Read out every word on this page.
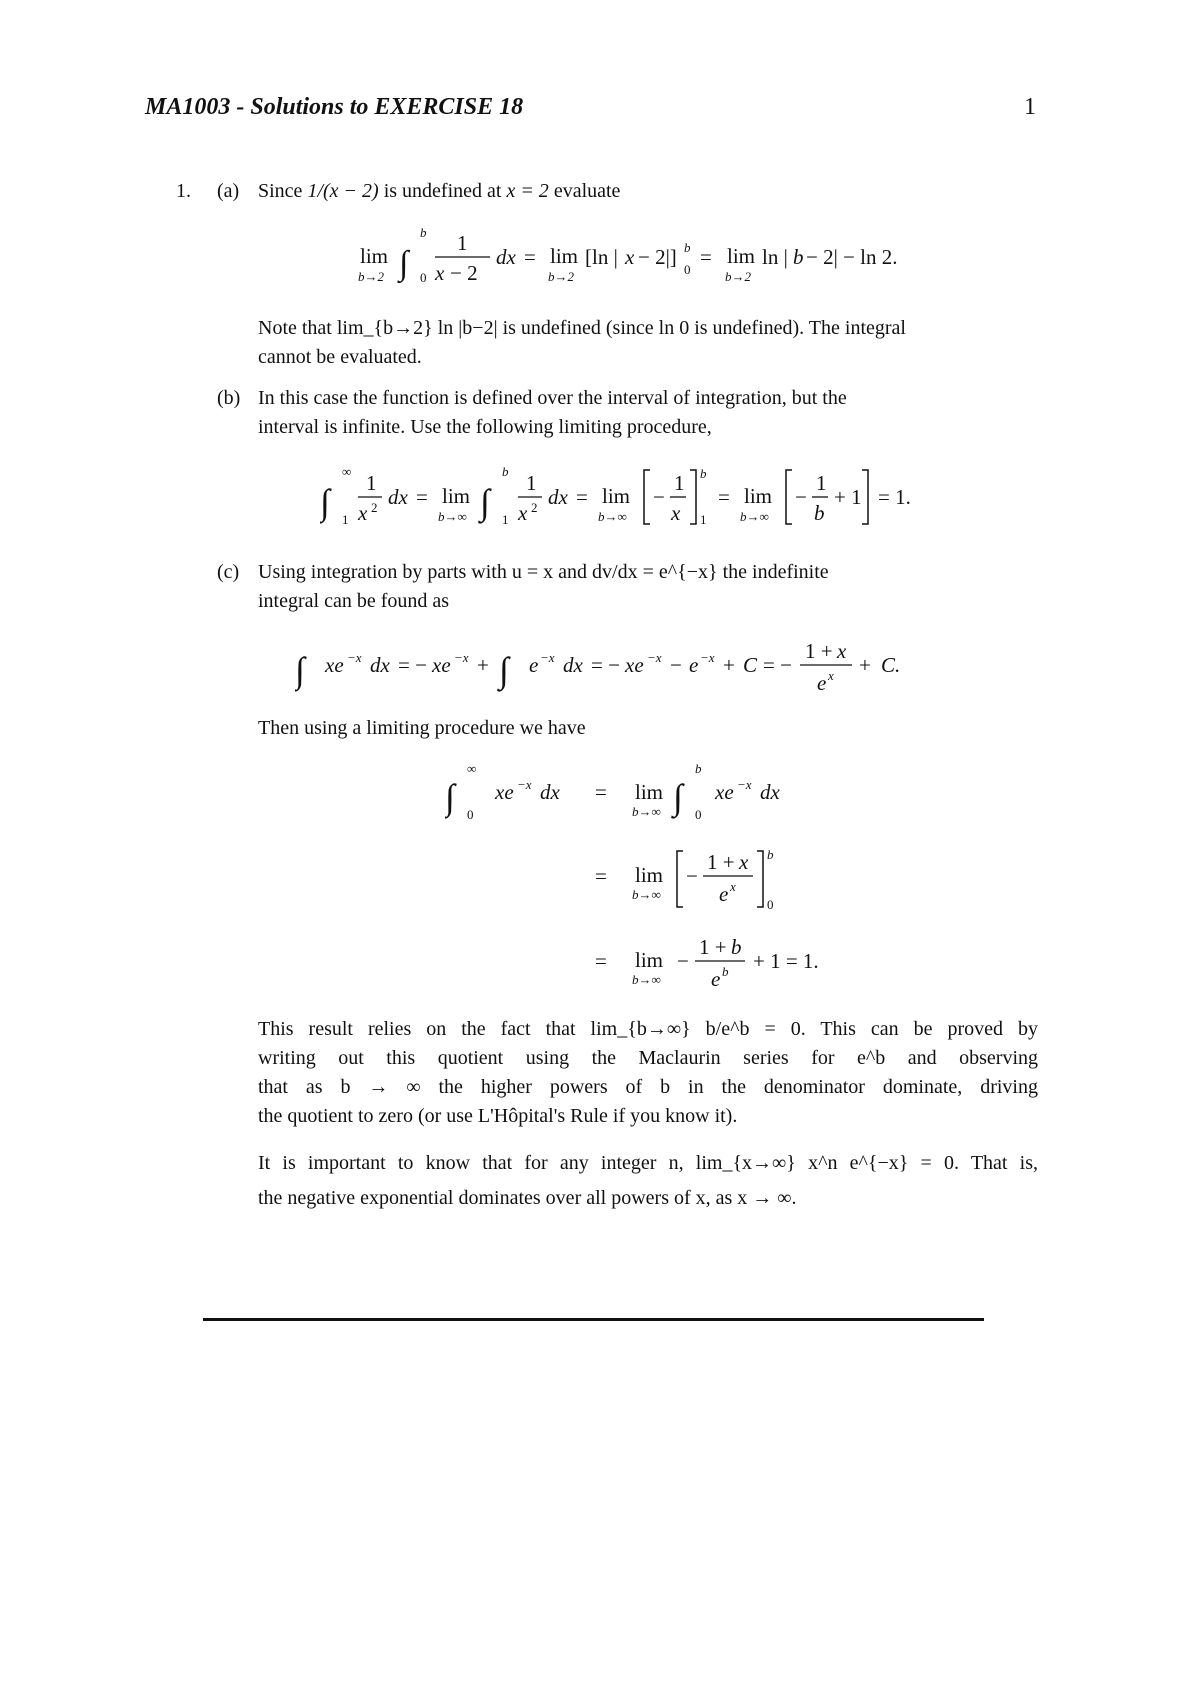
MA1003 - Solutions to EXERCISE 18	1
1. (a) Since 1/(x − 2) is undefined at x = 2 evaluate
lim
b→2 ∫ 0
b 1
x − 2
dx = lim
b→2
[ln | x − 2|] b
0
= lim
b→2
ln | b − 2| − ln 2.
Note that lim_{b→2} ln |b−2| is undefined (since ln 0 is undefined). The integral
cannot be evaluated.
(b) In this case the function is defined over the interval of integration, but the
interval is infinite. Use the following limiting procedure,
∫ 1
∞ 1
x 2 dx = lim
b→∞ ∫ 1
b 1
x 2 dx = lim
b→∞
−
1
x
b
1
= lim
b→∞
−
1
b
+ 1 = 1.
(c) Using integration by parts with u = x and dv/dx = e^{−x} the indefinite
integral can be found as
∫ xe −x dx = − xe −x + ∫ e −x dx = − xe −x − e −x + C = −
1 + x
e x + C.
Then using a limiting procedure we have
∫ 0
∞
xe −x dx = lim
b→∞ ∫ 0
b
xe −x dx
= lim
b→∞
−
1 + x
e x
b
0
= lim
b→∞
−
1 + b
e b + 1 = 1.
This result relies on the fact that lim_{b→∞} b/e^b = 0. This can be proved by
writing out this quotient using the Maclaurin series for e^b and observing
that as b → ∞ the higher powers of b in the denominator dominate, driving
the quotient to zero (or use L'Hôpital's Rule if you know it).
It is important to know that for any integer n, lim_{x→∞} x^n e^{−x} = 0. That is,
the negative exponential dominates over all powers of x, as x → ∞.
